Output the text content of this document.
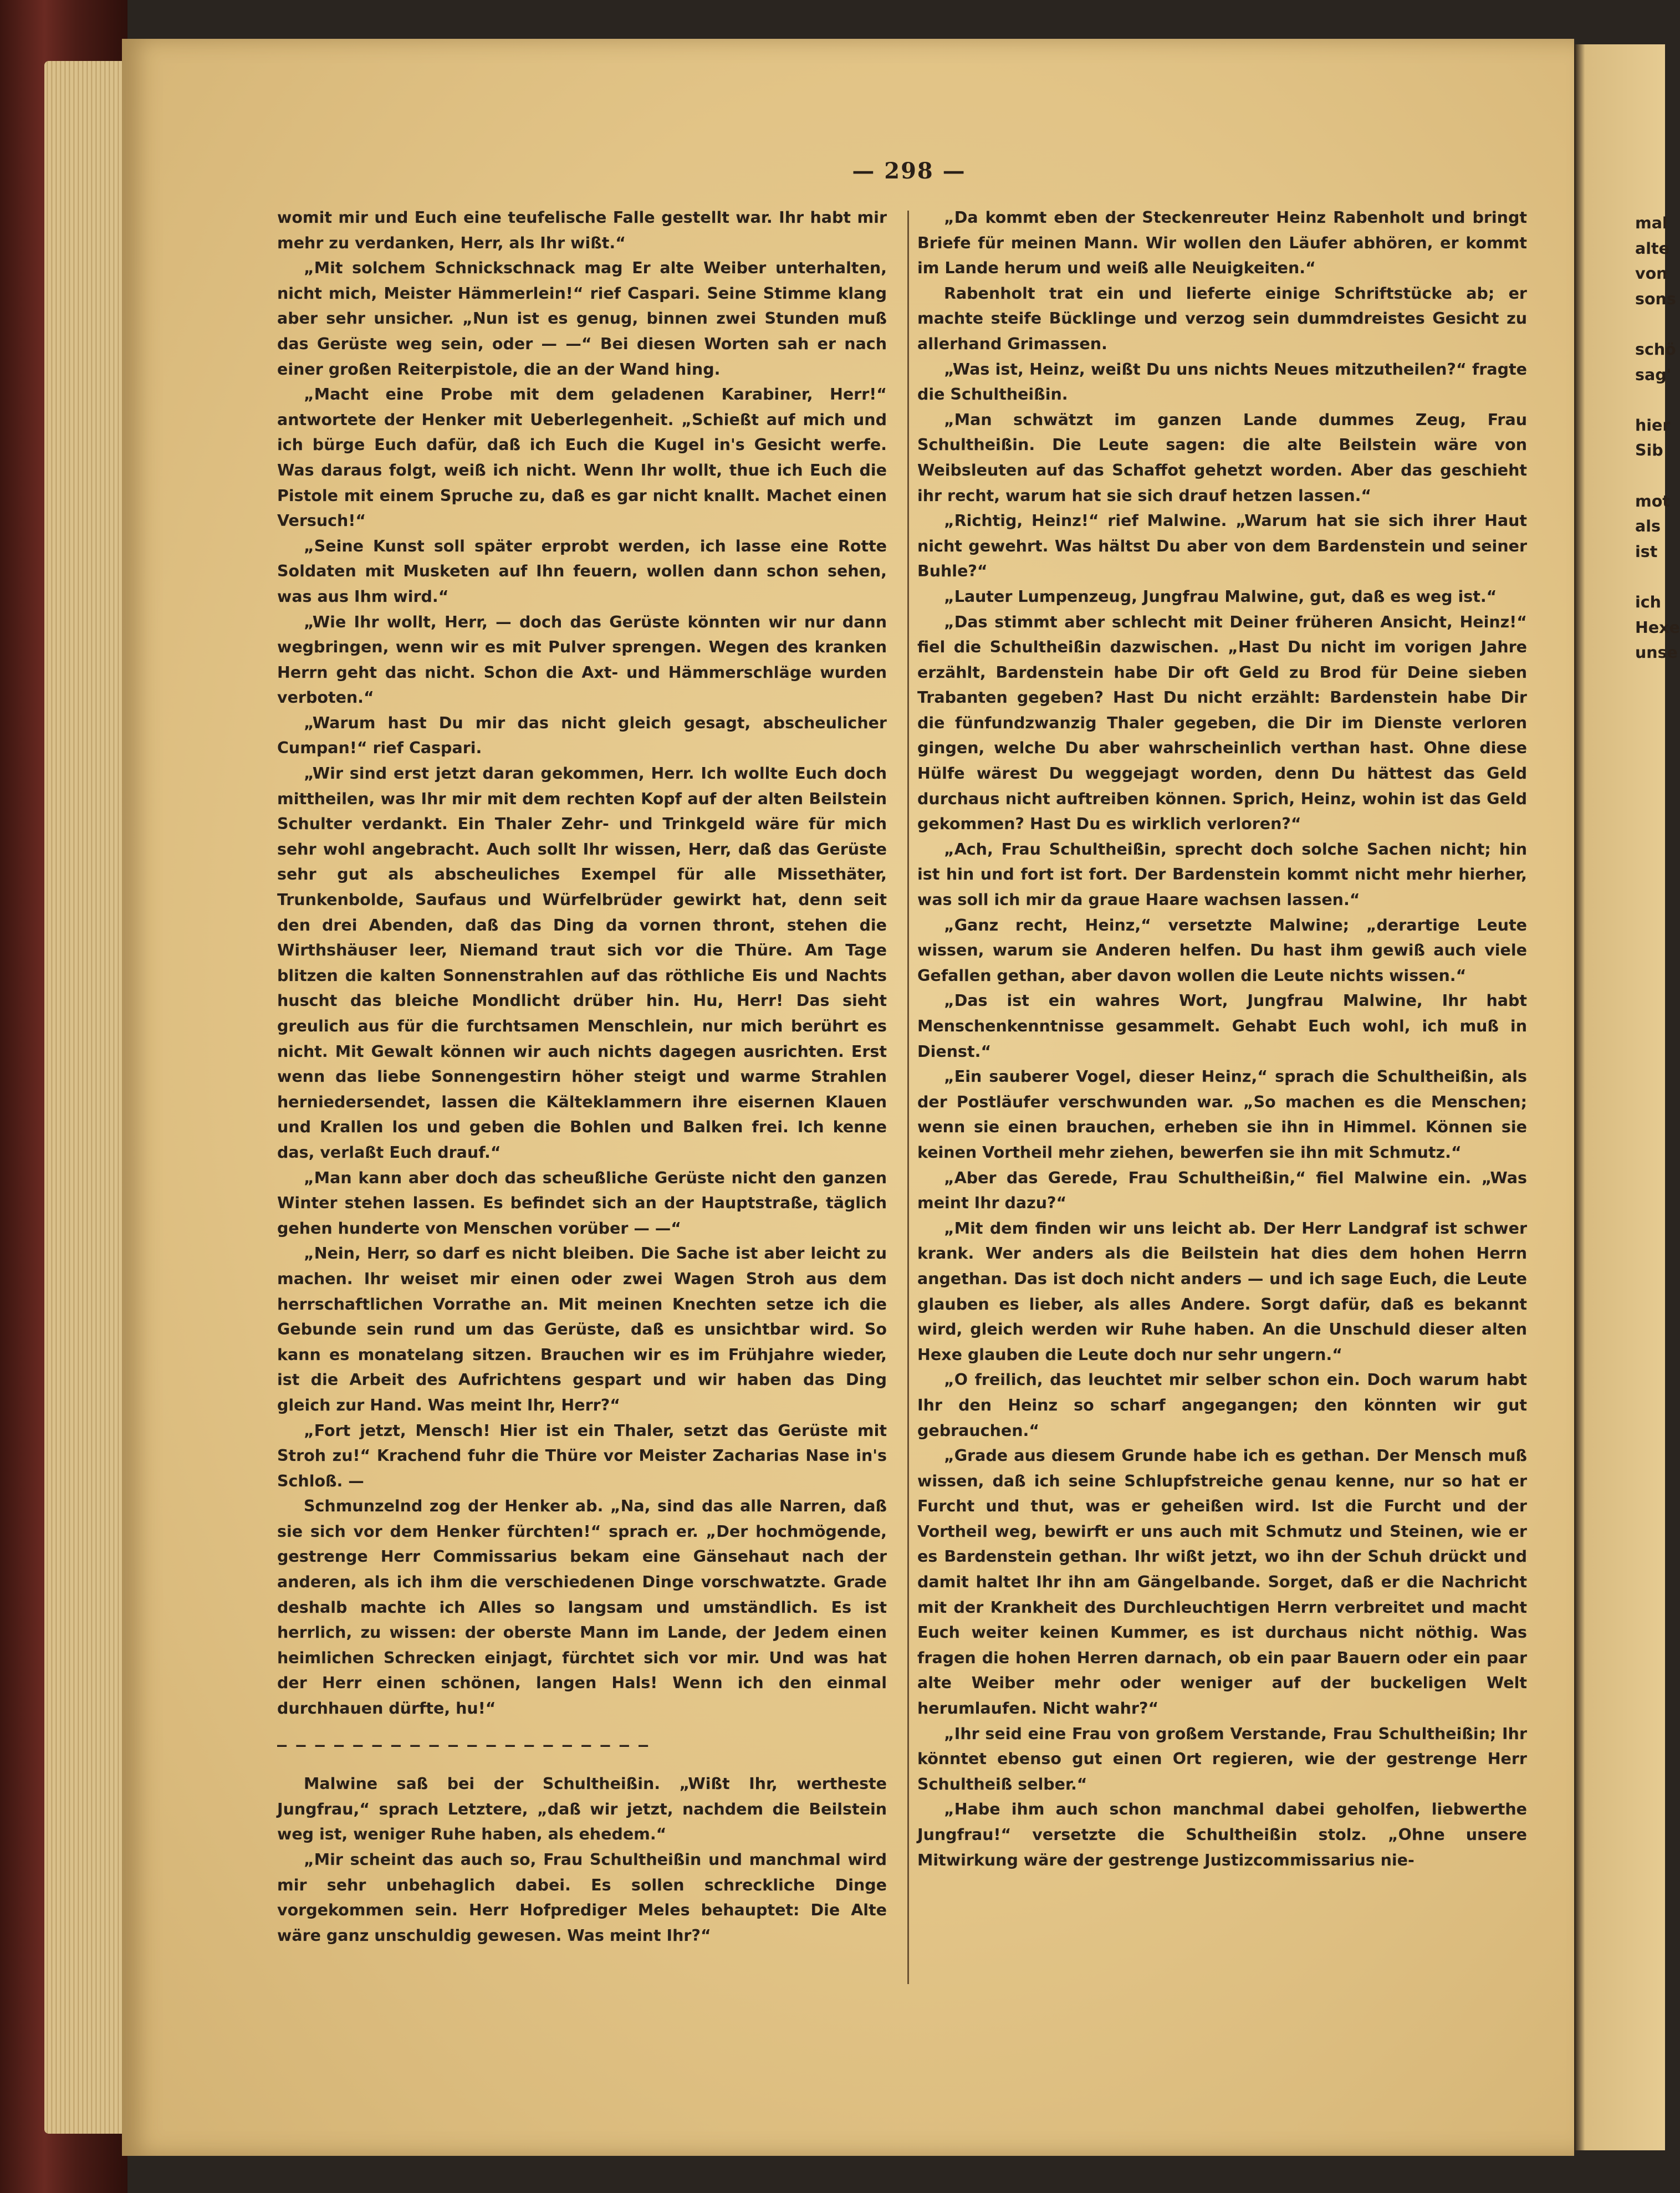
— 298 —

womit mir und Euch eine teufelische Falle gestellt war. Ihr habt mir mehr zu verdanken, Herr, als Ihr wißt.“

„Mit solchem Schnickschnack mag Er alte Weiber unterhalten, nicht mich, Meister Hämmerlein!“ rief Caspari. Seine Stimme klang aber sehr unsicher. „Nun ist es genug, binnen zwei Stunden muß das Gerüste weg sein, oder — —“ Bei diesen Worten sah er nach einer großen Reiterpistole, die an der Wand hing.

„Macht eine Probe mit dem geladenen Karabiner, Herr!“ antwortete der Henker mit Ueberlegenheit. „Schießt auf mich und ich bürge Euch dafür, daß ich Euch die Kugel in's Gesicht werfe. Was daraus folgt, weiß ich nicht. Wenn Ihr wollt, thue ich Euch die Pistole mit einem Spruche zu, daß es gar nicht knallt. Machet einen Versuch!“

„Seine Kunst soll später erprobt werden, ich lasse eine Rotte Soldaten mit Musketen auf Ihn feuern, wollen dann schon sehen, was aus Ihm wird.“

„Wie Ihr wollt, Herr, — doch das Gerüste könnten wir nur dann wegbringen, wenn wir es mit Pulver sprengen. Wegen des kranken Herrn geht das nicht. Schon die Axt- und Hämmerschläge wurden verboten.“

„Warum hast Du mir das nicht gleich gesagt, abscheulicher Cumpan!“ rief Caspari.

„Wir sind erst jetzt daran gekommen, Herr. Ich wollte Euch doch mittheilen, was Ihr mir mit dem rechten Kopf auf der alten Beilstein Schulter verdankt. Ein Thaler Zehr- und Trinkgeld wäre für mich sehr wohl angebracht. Auch sollt Ihr wissen, Herr, daß das Gerüste sehr gut als abscheuliches Exempel für alle Missethäter, Trunkenbolde, Saufaus und Würfelbrüder gewirkt hat, denn seit den drei Abenden, daß das Ding da vornen thront, stehen die Wirthshäuser leer, Niemand traut sich vor die Thüre. Am Tage blitzen die kalten Sonnenstrahlen auf das röthliche Eis und Nachts huscht das bleiche Mondlicht drüber hin. Hu, Herr! Das sieht greulich aus für die furchtsamen Menschlein, nur mich berührt es nicht. Mit Gewalt können wir auch nichts dagegen ausrichten. Erst wenn das liebe Sonnengestirn höher steigt und warme Strahlen herniedersendet, lassen die Kälteklammern ihre eisernen Klauen und Krallen los und geben die Bohlen und Balken frei. Ich kenne das, verlaßt Euch drauf.“

„Man kann aber doch das scheußliche Gerüste nicht den ganzen Winter stehen lassen. Es befindet sich an der Hauptstraße, täglich gehen hunderte von Menschen vorüber — —“

„Nein, Herr, so darf es nicht bleiben. Die Sache ist aber leicht zu machen. Ihr weiset mir einen oder zwei Wagen Stroh aus dem herrschaftlichen Vorrathe an. Mit meinen Knechten setze ich die Gebunde sein rund um das Gerüste, daß es unsichtbar wird. So kann es monatelang sitzen. Brauchen wir es im Frühjahre wieder, ist die Arbeit des Aufrichtens gespart und wir haben das Ding gleich zur Hand. Was meint Ihr, Herr?“

„Fort jetzt, Mensch! Hier ist ein Thaler, setzt das Gerüste mit Stroh zu!“ Krachend fuhr die Thüre vor Meister Zacharias Nase in's Schloß. —

Schmunzelnd zog der Henker ab. „Na, sind das alle Narren, daß sie sich vor dem Henker fürchten!“ sprach er. „Der hochmögende, gestrenge Herr Commissarius bekam eine Gänsehaut nach der anderen, als ich ihm die verschiedenen Dinge vorschwatzte. Grade deshalb machte ich Alles so langsam und umständlich. Es ist herrlich, zu wissen: der oberste Mann im Lande, der Jedem einen heimlichen Schrecken einjagt, fürchtet sich vor mir. Und was hat der Herr einen schönen, langen Hals! Wenn ich den einmal durchhauen dürfte, hu!“

— — — — — — — — — — — — — — — — — — — —

Malwine saß bei der Schultheißin. „Wißt Ihr, wertheste Jungfrau,“ sprach Letztere, „daß wir jetzt, nachdem die Beilstein weg ist, weniger Ruhe haben, als ehedem.“

„Mir scheint das auch so, Frau Schultheißin und manchmal wird mir sehr unbehaglich dabei. Es sollen schreckliche Dinge vorgekommen sein. Herr Hofprediger Meles behauptet: Die Alte wäre ganz unschuldig gewesen. Was meint Ihr?“

„Da kommt eben der Steckenreuter Heinz Rabenholt und bringt Briefe für meinen Mann. Wir wollen den Läufer abhören, er kommt im Lande herum und weiß alle Neuigkeiten.“

Rabenholt trat ein und lieferte einige Schriftstücke ab; er machte steife Bücklinge und verzog sein dummdreistes Gesicht zu allerhand Grimassen.

„Was ist, Heinz, weißt Du uns nichts Neues mitzutheilen?“ fragte die Schultheißin.

„Man schwätzt im ganzen Lande dummes Zeug, Frau Schultheißin. Die Leute sagen: die alte Beilstein wäre von Weibsleuten auf das Schaffot gehetzt worden. Aber das geschieht ihr recht, warum hat sie sich drauf hetzen lassen.“

„Richtig, Heinz!“ rief Malwine. „Warum hat sie sich ihrer Haut nicht gewehrt. Was hältst Du aber von dem Bardenstein und seiner Buhle?“

„Lauter Lumpenzeug, Jungfrau Malwine, gut, daß es weg ist.“

„Das stimmt aber schlecht mit Deiner früheren Ansicht, Heinz!“ fiel die Schultheißin dazwischen. „Hast Du nicht im vorigen Jahre erzählt, Bardenstein habe Dir oft Geld zu Brod für Deine sieben Trabanten gegeben? Hast Du nicht erzählt: Bardenstein habe Dir die fünfundzwanzig Thaler gegeben, die Dir im Dienste verloren gingen, welche Du aber wahrscheinlich verthan hast. Ohne diese Hülfe wärest Du weggejagt worden, denn Du hättest das Geld durchaus nicht auftreiben können. Sprich, Heinz, wohin ist das Geld gekommen? Hast Du es wirklich verloren?“

„Ach, Frau Schultheißin, sprecht doch solche Sachen nicht; hin ist hin und fort ist fort. Der Bardenstein kommt nicht mehr hierher, was soll ich mir da graue Haare wachsen lassen.“

„Ganz recht, Heinz,“ versetzte Malwine; „derartige Leute wissen, warum sie Anderen helfen. Du hast ihm gewiß auch viele Gefallen gethan, aber davon wollen die Leute nichts wissen.“

„Das ist ein wahres Wort, Jungfrau Malwine, Ihr habt Menschenkenntnisse gesammelt. Gehabt Euch wohl, ich muß in Dienst.“

„Ein sauberer Vogel, dieser Heinz,“ sprach die Schultheißin, als der Postläufer verschwunden war. „So machen es die Menschen; wenn sie einen brauchen, erheben sie ihn in Himmel. Können sie keinen Vortheil mehr ziehen, bewerfen sie ihn mit Schmutz.“

„Aber das Gerede, Frau Schultheißin,“ fiel Malwine ein. „Was meint Ihr dazu?“

„Mit dem finden wir uns leicht ab. Der Herr Landgraf ist schwer krank. Wer anders als die Beilstein hat dies dem hohen Herrn angethan. Das ist doch nicht anders — und ich sage Euch, die Leute glauben es lieber, als alles Andere. Sorgt dafür, daß es bekannt wird, gleich werden wir Ruhe haben. An die Unschuld dieser alten Hexe glauben die Leute doch nur sehr ungern.“

„O freilich, das leuchtet mir selber schon ein. Doch warum habt Ihr den Heinz so scharf angegangen; den könnten wir gut gebrauchen.“

„Grade aus diesem Grunde habe ich es gethan. Der Mensch muß wissen, daß ich seine Schlupfstreiche genau kenne, nur so hat er Furcht und thut, was er geheißen wird. Ist die Furcht und der Vortheil weg, bewirft er uns auch mit Schmutz und Steinen, wie er es Bardenstein gethan. Ihr wißt jetzt, wo ihn der Schuh drückt und damit haltet Ihr ihn am Gängelbande. Sorget, daß er die Nachricht mit der Krankheit des Durchleuchtigen Herrn verbreitet und macht Euch weiter keinen Kummer, es ist durchaus nicht nöthig. Was fragen die hohen Herren darnach, ob ein paar Bauern oder ein paar alte Weiber mehr oder weniger auf der buckeligen Welt herumlaufen. Nicht wahr?“

„Ihr seid eine Frau von großem Verstande, Frau Schultheißin; Ihr könntet ebenso gut einen Ort regieren, wie der gestrenge Herr Schultheiß selber.“

„Habe ihm auch schon manchmal dabei geholfen, liebwerthe Jungfrau!“ versetzte die Schultheißin stolz. „Ohne unsere Mitwirkung wäre der gestrenge Justizcommissarius nie-

mal
alte
von
sons
schö
sag'
hier
Sib
mot
als
ist
ich
Hexe
unse
